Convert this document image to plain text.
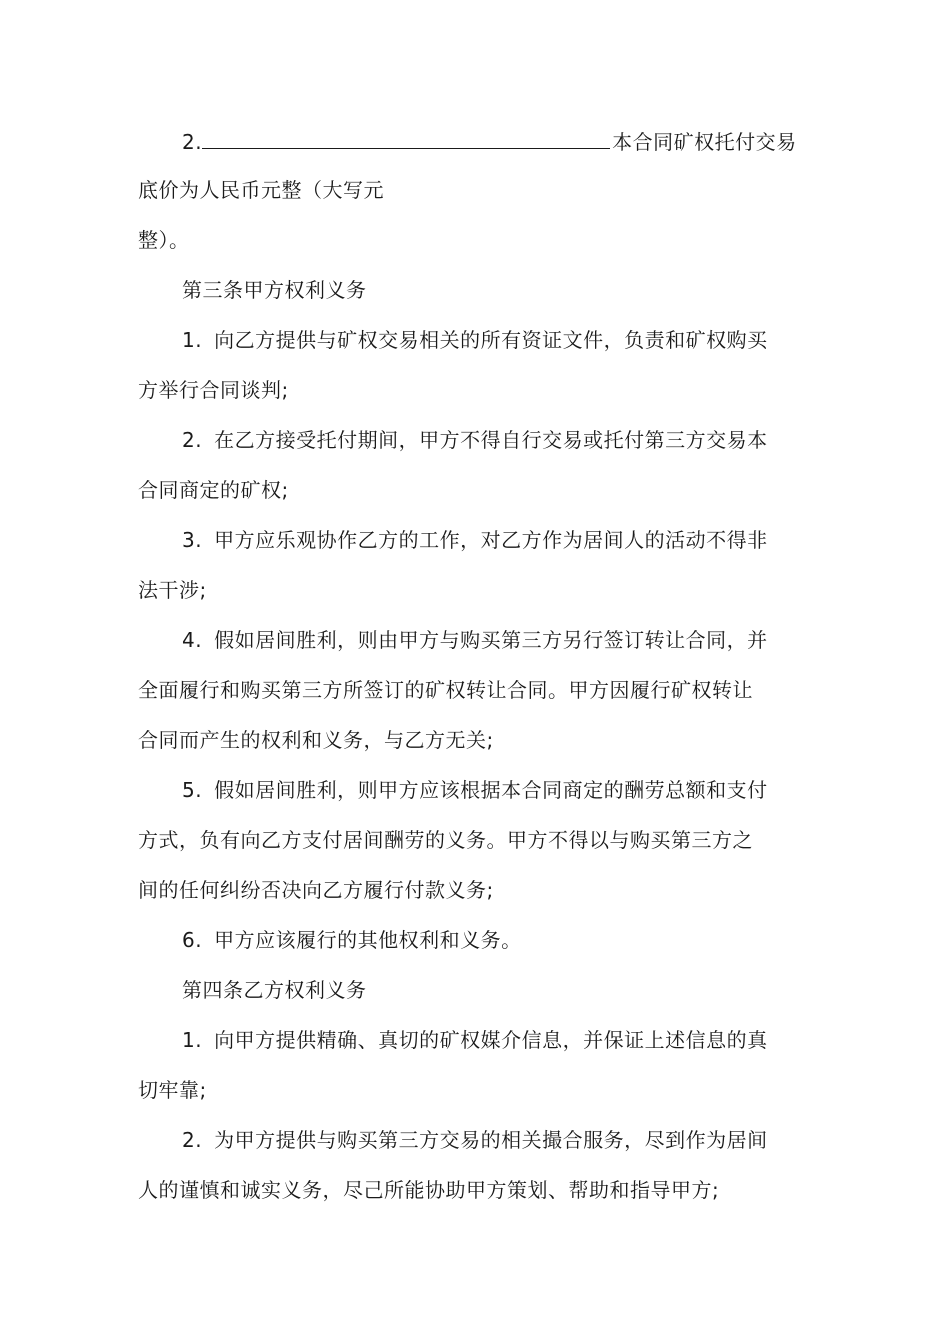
2.	本合同矿权托付交易
底价为人民币元整（大写元
整）。
第三条甲方权利义务
1. 向乙方提供与矿权交易相关的所有资证文件，负责和矿权购买
方举行合同谈判;
2. 在乙方接受托付期间，甲方不得自行交易或托付第三方交易本
合同商定的矿权;
3. 甲方应乐观协作乙方的工作，对乙方作为居间人的活动不得非
法干涉;
4. 假如居间胜利，则由甲方与购买第三方另行签订转让合同，并
全面履行和购买第三方所签订的矿权转让合同。甲方因履行矿权转让
合同而产生的权利和义务，与乙方无关;
5. 假如居间胜利，则甲方应该根据本合同商定的酬劳总额和支付
方式，负有向乙方支付居间酬劳的义务。甲方不得以与购买第三方之
间的任何纠纷否决向乙方履行付款义务;
6. 甲方应该履行的其他权利和义务。
第四条乙方权利义务
1. 向甲方提供精确、真切的矿权媒介信息，并保证上述信息的真
切牢靠;
2. 为甲方提供与购买第三方交易的相关撮合服务，尽到作为居间
人的谨慎和诚实义务，尽己所能协助甲方策划、帮助和指导甲方;
